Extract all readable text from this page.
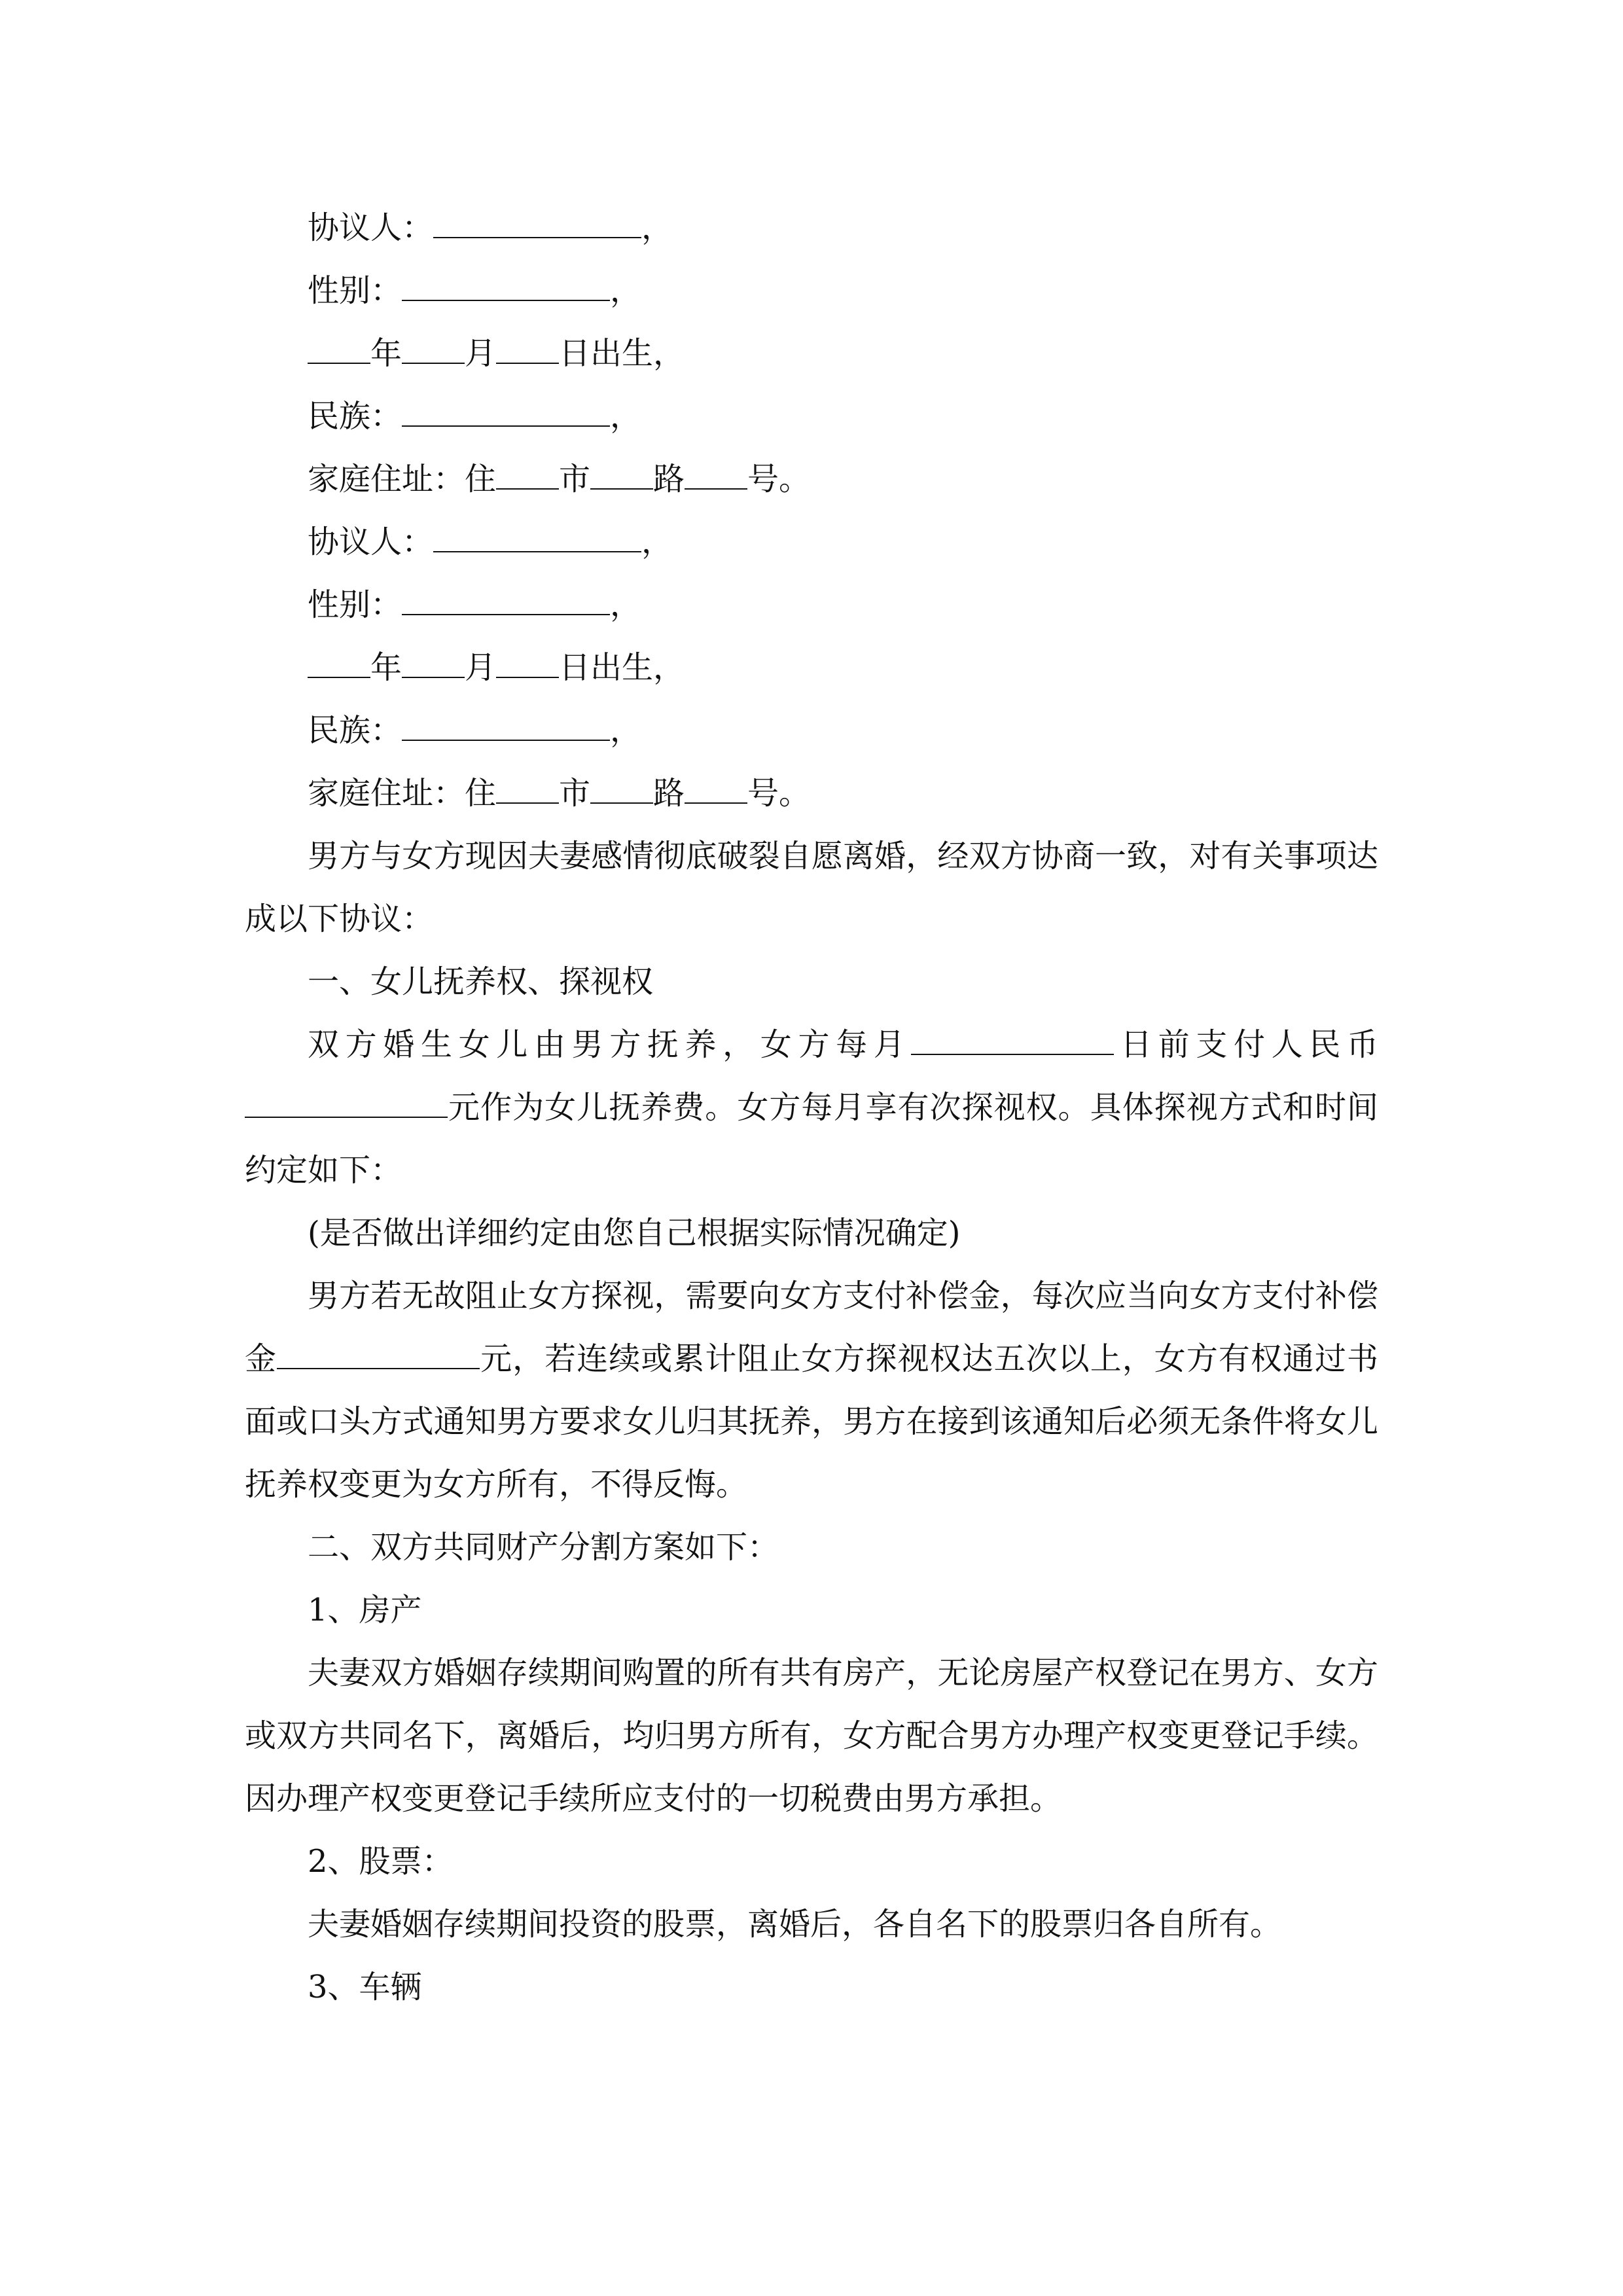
协议人：	，

性别：	，

年 月 日出生，

民族：	，

家庭住址：住 市 路 号。

协议人：	，

性别：	，

年 月 日出生，

民族：	，

家庭住址：住 市 路 号。

男方与女方现因夫妻感情彻底破裂自愿离婚，经双方协商一致，对有关事项达成以下协议：

一、女儿抚养权、探视权

双方婚生女儿由男方抚养，女方每月	日前支付人民币元作为女儿抚养费。女方每月享有次探视权。具体探视方式和时间约定如下：

(是否做出详细约定由您自己根据实际情况确定)

男方若无故阻止女方探视，需要向女方支付补偿金，每次应当向女方支付补偿金	元，若连续或累计阻止女方探视权达五次以上，女方有权通过书面或口头方式通知男方要求女儿归其抚养，男方在接到该通知后必须无条件将女儿抚养权变更为女方所有，不得反悔。

二、双方共同财产分割方案如下：

1、房产

夫妻双方婚姻存续期间购置的所有共有房产，无论房屋产权登记在男方、女方或双方共同名下，离婚后，均归男方所有，女方配合男方办理产权变更登记手续。因办理产权变更登记手续所应支付的一切税费由男方承担。

2、股票：

夫妻婚姻存续期间投资的股票，离婚后，各自名下的股票归各自所有。

3、车辆
